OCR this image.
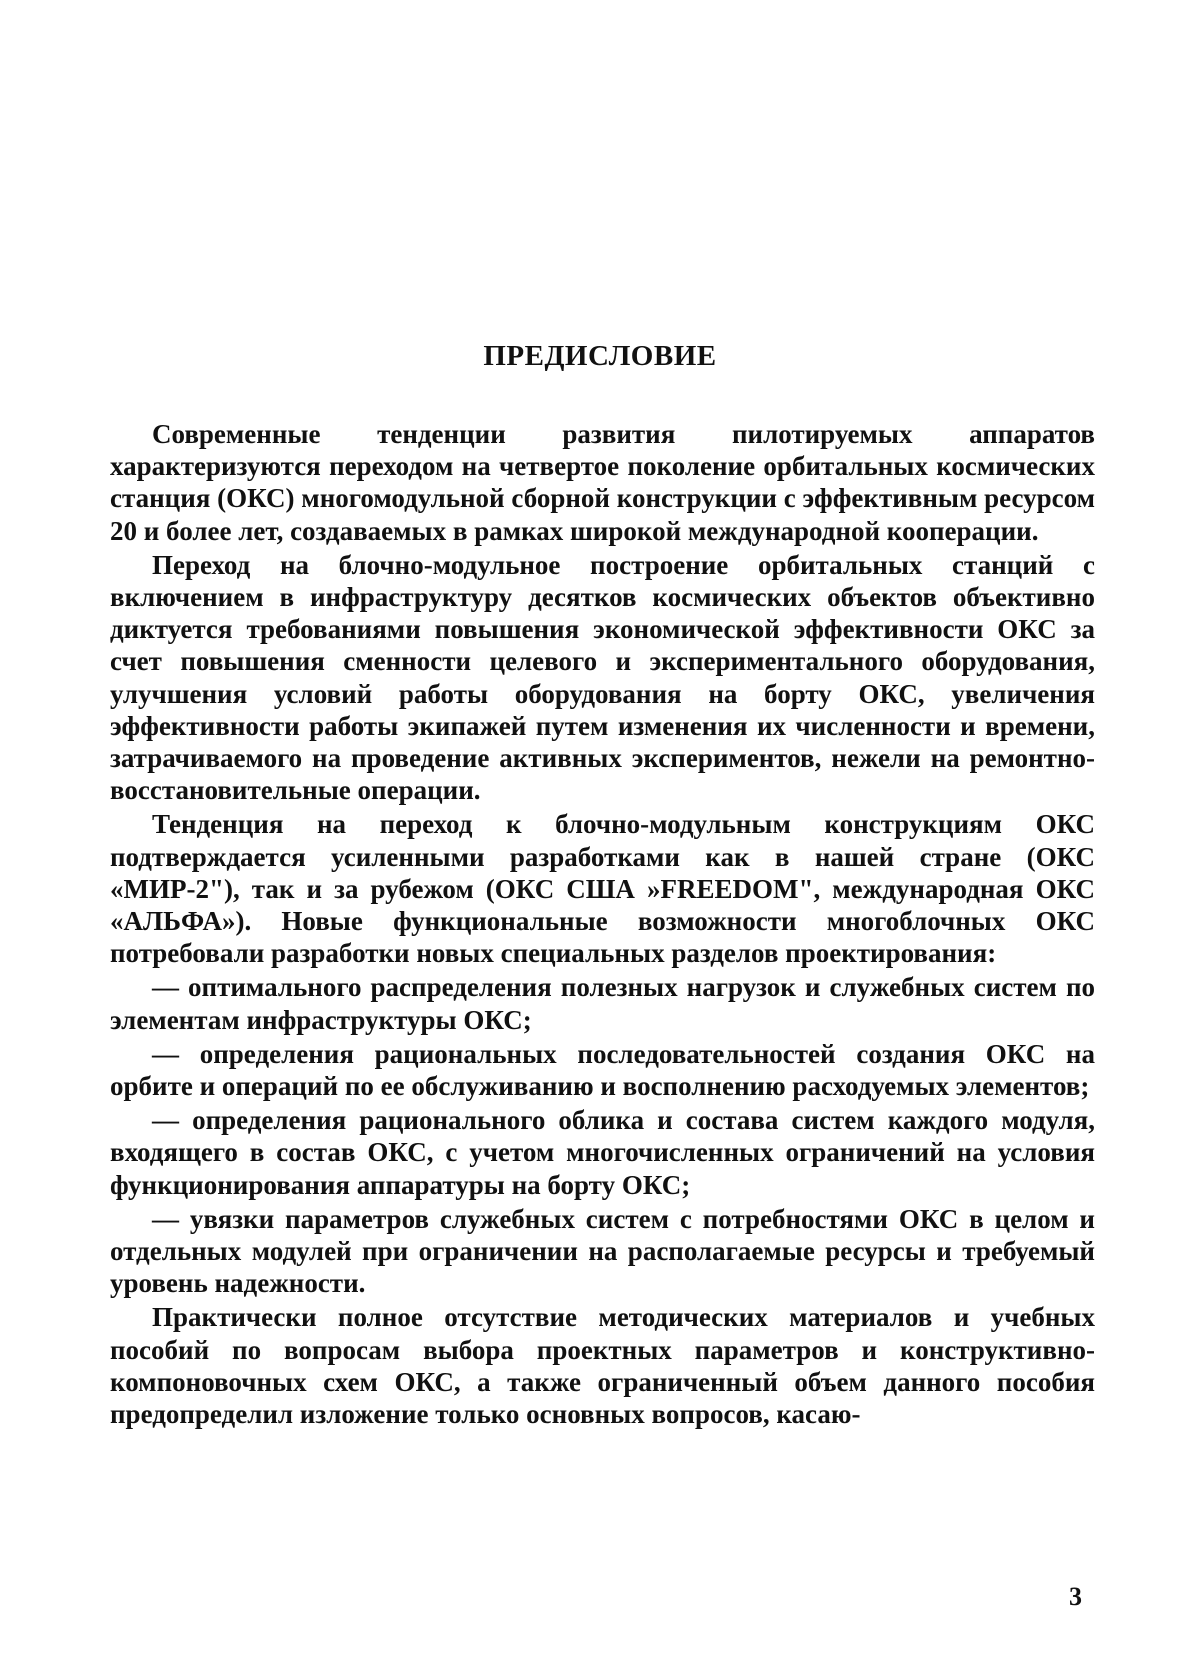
ПРЕДИСЛОВИЕ

Современные тенденции развития пилотируемых аппаратов характеризуются переходом на четвертое поколение орбитальных космических станция (ОКС) многомодульной сборной конструкции с эффективным ресурсом 20 и более лет, создаваемых в рамках широкой международной кооперации.

Переход на блочно-модульное построение орбитальных станций с включением в инфраструктуру десятков космических объектов объективно диктуется требованиями повышения экономической эффективности ОКС за счет повышения сменности целевого и экспериментального оборудования, улучшения условий работы оборудования на борту ОКС, увеличения эффективности работы экипажей путем изменения их численности и времени, затрачиваемого на проведение активных экспериментов, нежели на ремонтно-восстановительные операции.

Тенденция на переход к блочно-модульным конструкциям ОКС подтверждается усиленными разработками как в нашей стране (ОКС «МИР-2"), так и за рубежом (ОКС США »FREEDOM", международная ОКС «АЛЬФА»). Новые функциональные возможности многоблочных ОКС потребовали разработки новых специальных разделов проектирования:

— оптимального распределения полезных нагрузок и служебных систем по элементам инфраструктуры ОКС;

— определения рациональных последовательностей создания ОКС на орбите и операций по ее обслуживанию и восполнению расходуемых элементов;

— определения рационального облика и состава систем каждого модуля, входящего в состав ОКС, с учетом многочисленных ограничений на условия функционирования аппаратуры на борту ОКС;

— увязки параметров служебных систем с потребностями ОКС в целом и отдельных модулей при ограничении на располагаемые ресурсы и требуемый уровень надежности.

Практически полное отсутствие методических материалов и учебных пособий по вопросам выбора проектных параметров и конструктивно- компоновочных схем ОКС, а также ограниченный объем данного пособия предопределил изложение только основных вопросов, касаю-

3
